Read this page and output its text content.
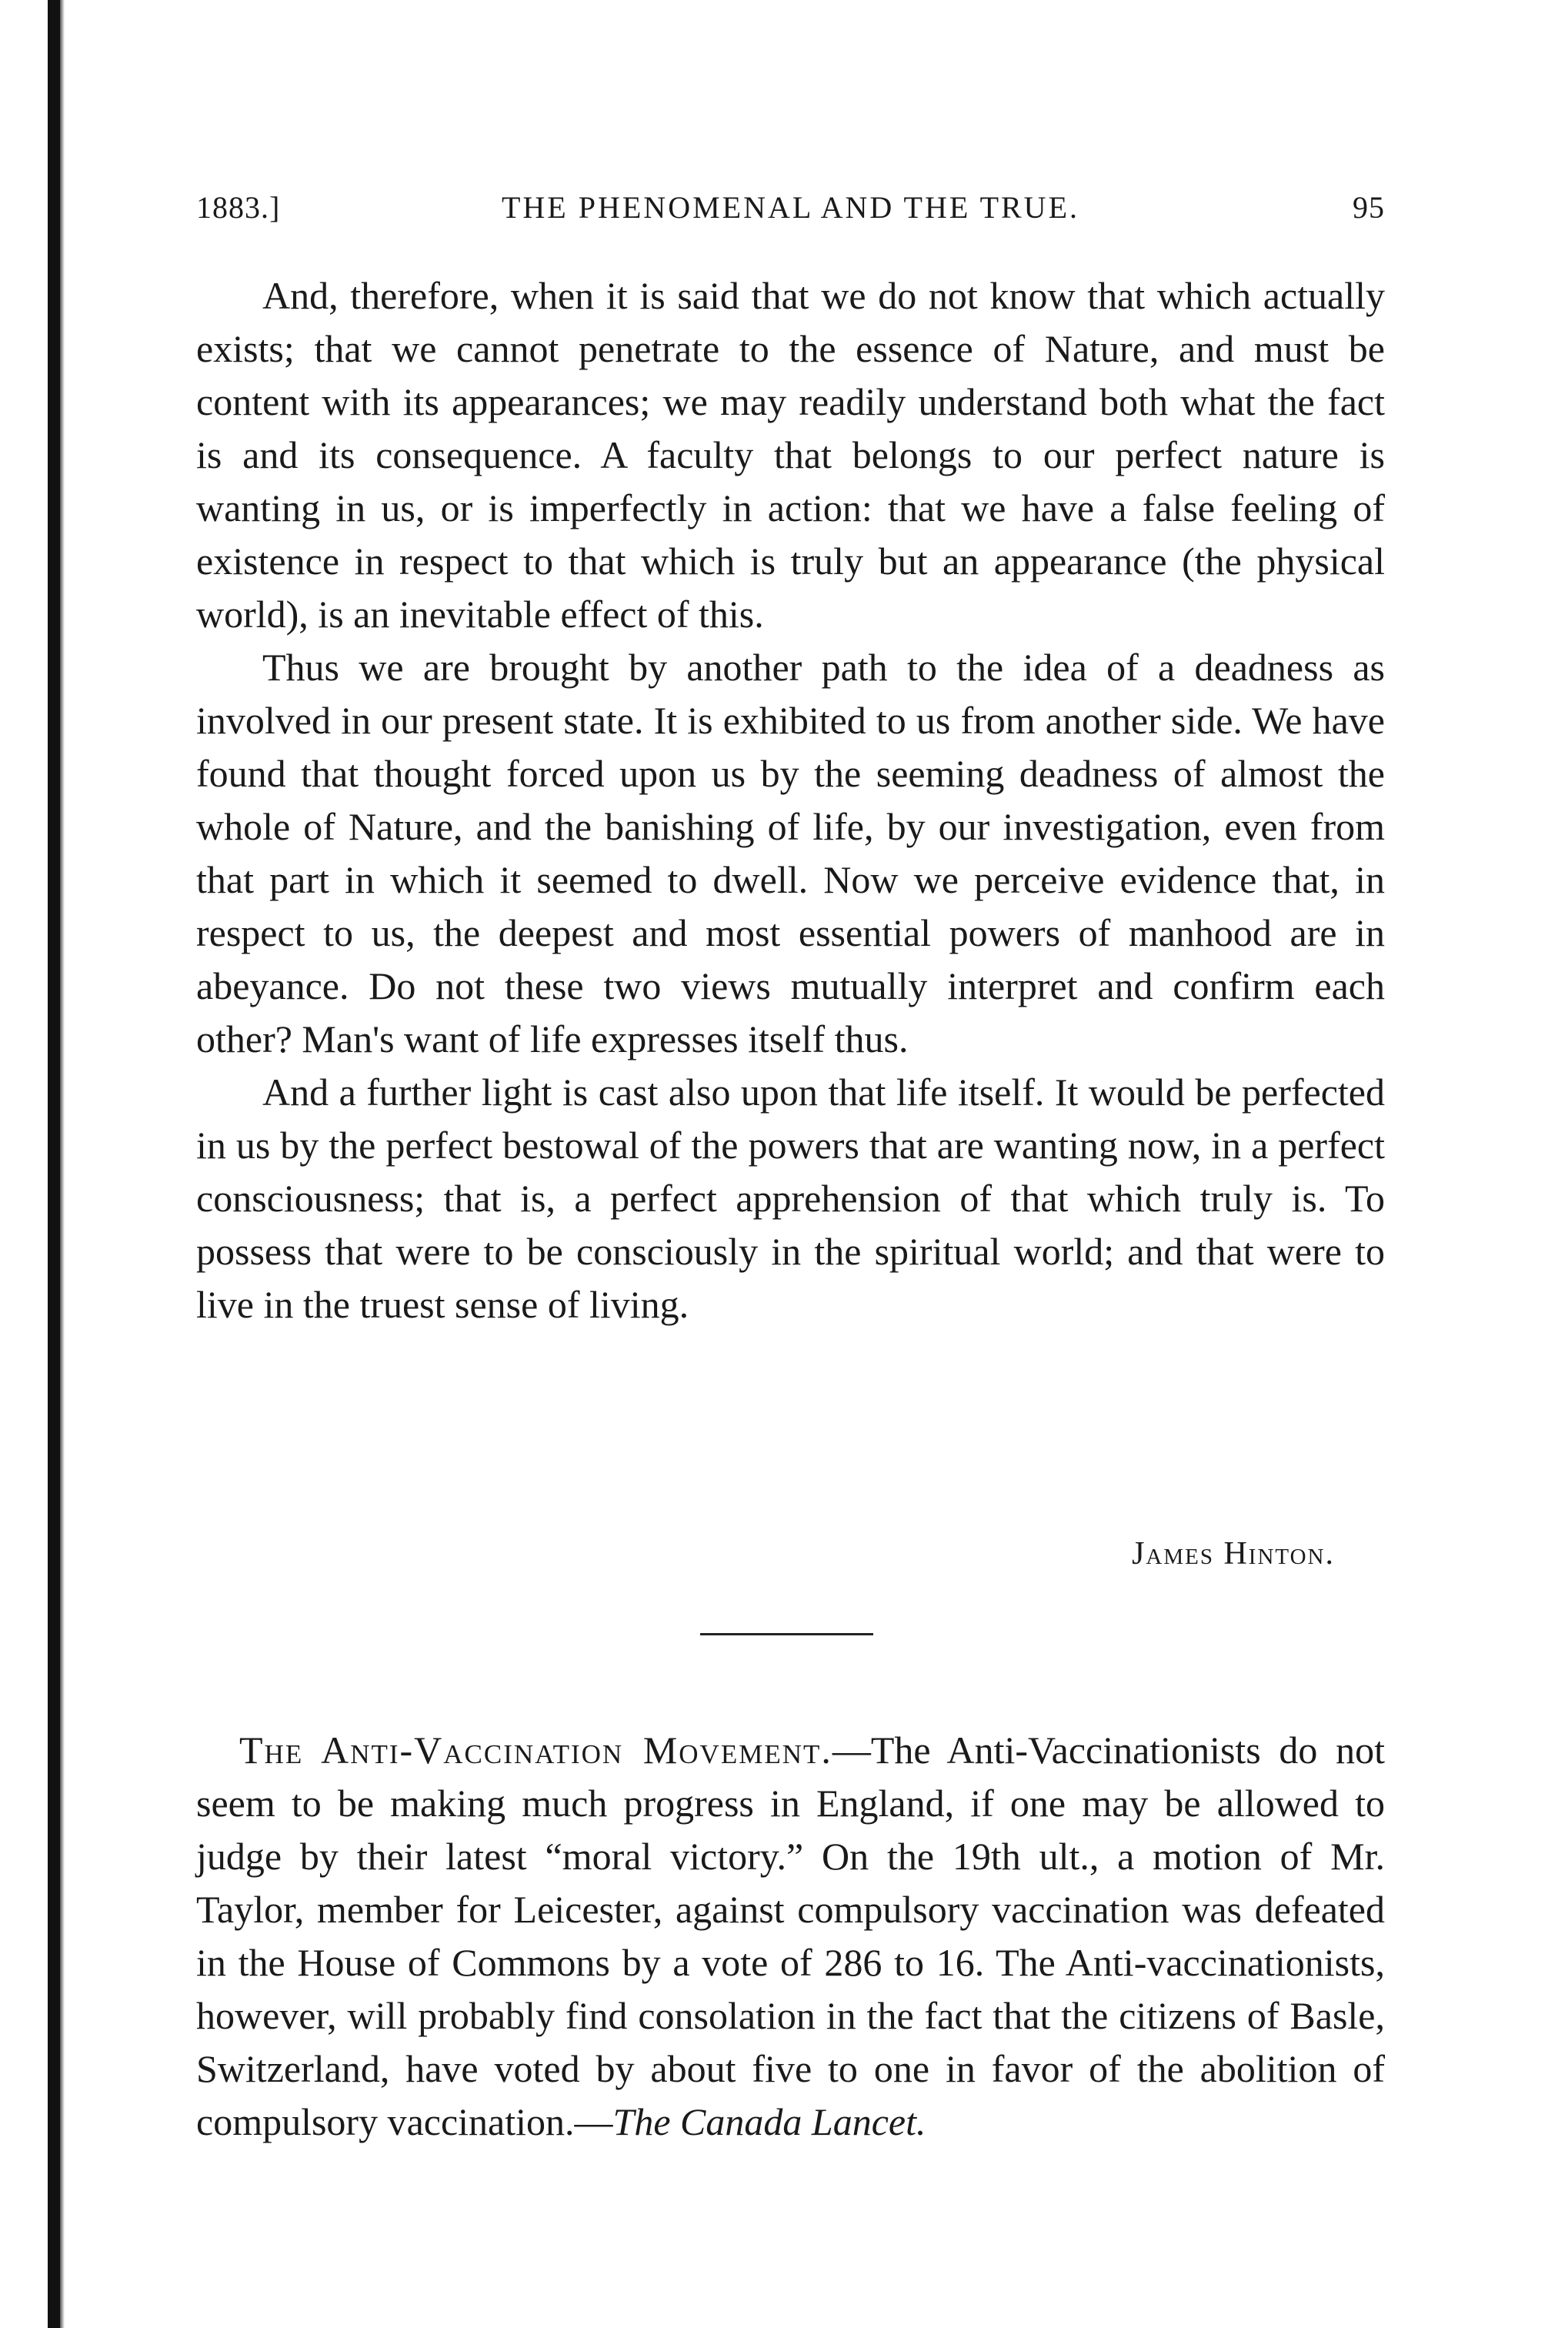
1883.]	THE PHENOMENAL AND THE TRUE.	95

And, therefore, when it is said that we do not know that which actually exists; that we cannot penetrate to the essence of Nature, and must be content with its appearances; we may readily understand both what the fact is and its consequence. A faculty that belongs to our perfect nature is wanting in us, or is imperfectly in action: that we have a false feeling of existence in respect to that which is truly but an appearance (the physical world), is an inevitable effect of this.

Thus we are brought by another path to the idea of a deadness as involved in our present state. It is exhibited to us from another side. We have found that thought forced upon us by the seeming deadness of almost the whole of Nature, and the banishing of life, by our investigation, even from that part in which it seemed to dwell. Now we perceive evidence that, in respect to us, the deepest and most essential powers of manhood are in abeyance. Do not these two views mutually interpret and confirm each other? Man's want of life expresses itself thus.

And a further light is cast also upon that life itself. It would be perfected in us by the perfect bestowal of the powers that are wanting now, in a perfect consciousness; that is, a perfect apprehension of that which truly is. To possess that were to be consciously in the spiritual world; and that were to live in the truest sense of living.

James Hinton.

The Anti-Vaccination Movement.—The Anti-Vaccinationists do not seem to be making much progress in England, if one may be allowed to judge by their latest “moral victory.” On the 19th ult., a motion of Mr. Taylor, member for Leicester, against compulsory vaccination was defeated in the House of Commons by a vote of 286 to 16. The Anti-vaccinationists, however, will probably find consolation in the fact that the citizens of Basle, Switzerland, have voted by about five to one in favor of the abolition of compulsory vaccination.—The Canada Lancet.
